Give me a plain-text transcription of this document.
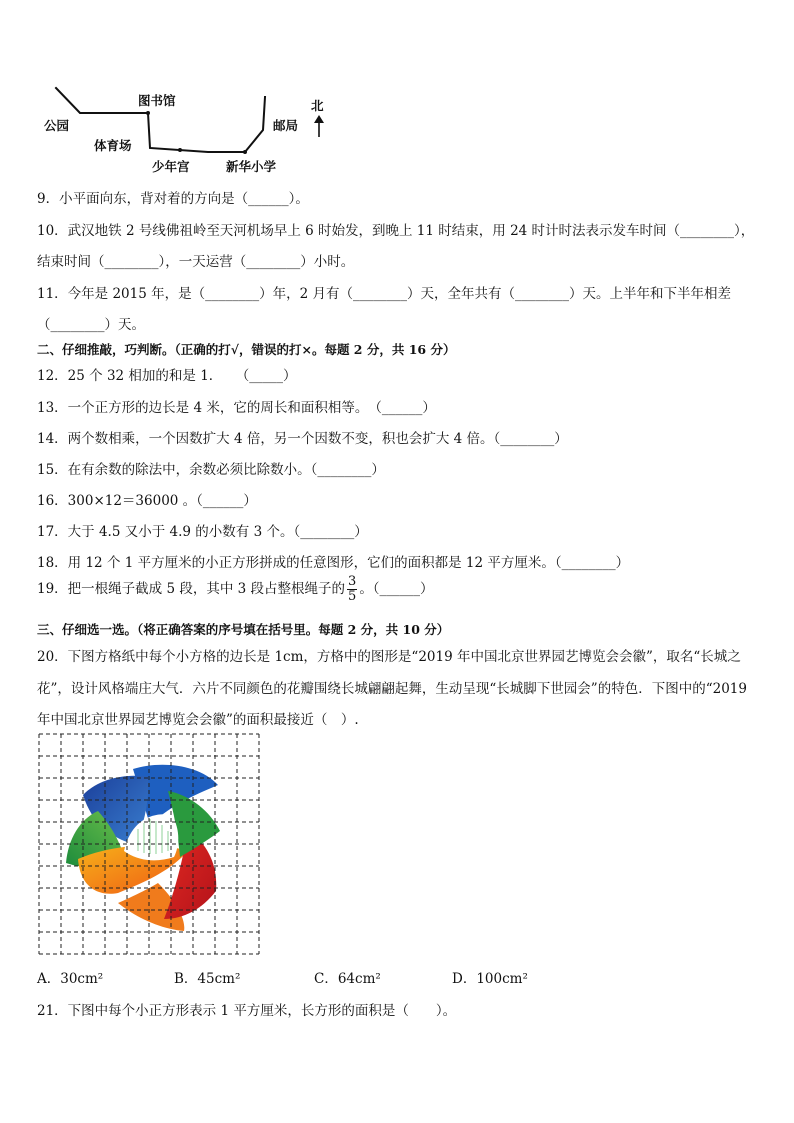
公园
图书馆
体育场
少年宫	新华小学
邮局
北
9．小平面向东，背对着的方向是（______）。
10．武汉地铁 2 号线佛祖岭至天河机场早上 6 时始发，到晚上 11 时结束，用 24 时计时法表示发车时间（________），
结束时间（________），一天运营（________）小时。
11．今年是 2015 年，是（________）年，2 月有（________）天，全年共有（________）天。上半年和下半年相差
（________）天。
二、仔细推敲，巧判断。（正确的打√，错误的打×。每题 2 分，共 16 分）
12．25 个 32 相加的和是 1．　　（_____）
13．一个正方形的边长是 4 米，它的周长和面积相等。　（______）
14．两个数相乘，一个因数扩大 4 倍，另一个因数不变，积也会扩大 4 倍。（________）
15．在有余数的除法中，余数必须比除数小。（________）
16．300×12＝36000 。（______）
17．大于 4.5 又小于 4.9 的小数有 3 个。（________）
18．用 12 个 1 平方厘米的小正方形拼成的任意图形，它们的面积都是 12 平方厘米。（________）
19．把一根绳子截成 5 段，其中 3 段占整根绳子的 $\frac{3}{5}$ 。（______）
三、仔细选一选。（将正确答案的序号填在括号里。每题 2 分，共 10 分）
20．下图方格纸中每个小方格的边长是 1cm，方格中的图形是“2019 年中国北京世界园艺博览会会徽”，取名“长城之
花”，设计风格端庄大气．六片不同颜色的花瓣围绕长城翩翩起舞，生动呈现“长城脚下世园会”的特色．下图中的“2019
年中国北京世界园艺博览会会徽”的面积最接近（　）.
A．30cm²	B．45cm²	C．64cm²	D．100cm²
21．下图中每个小正方形表示 1 平方厘米，长方形的面积是（　　）。
